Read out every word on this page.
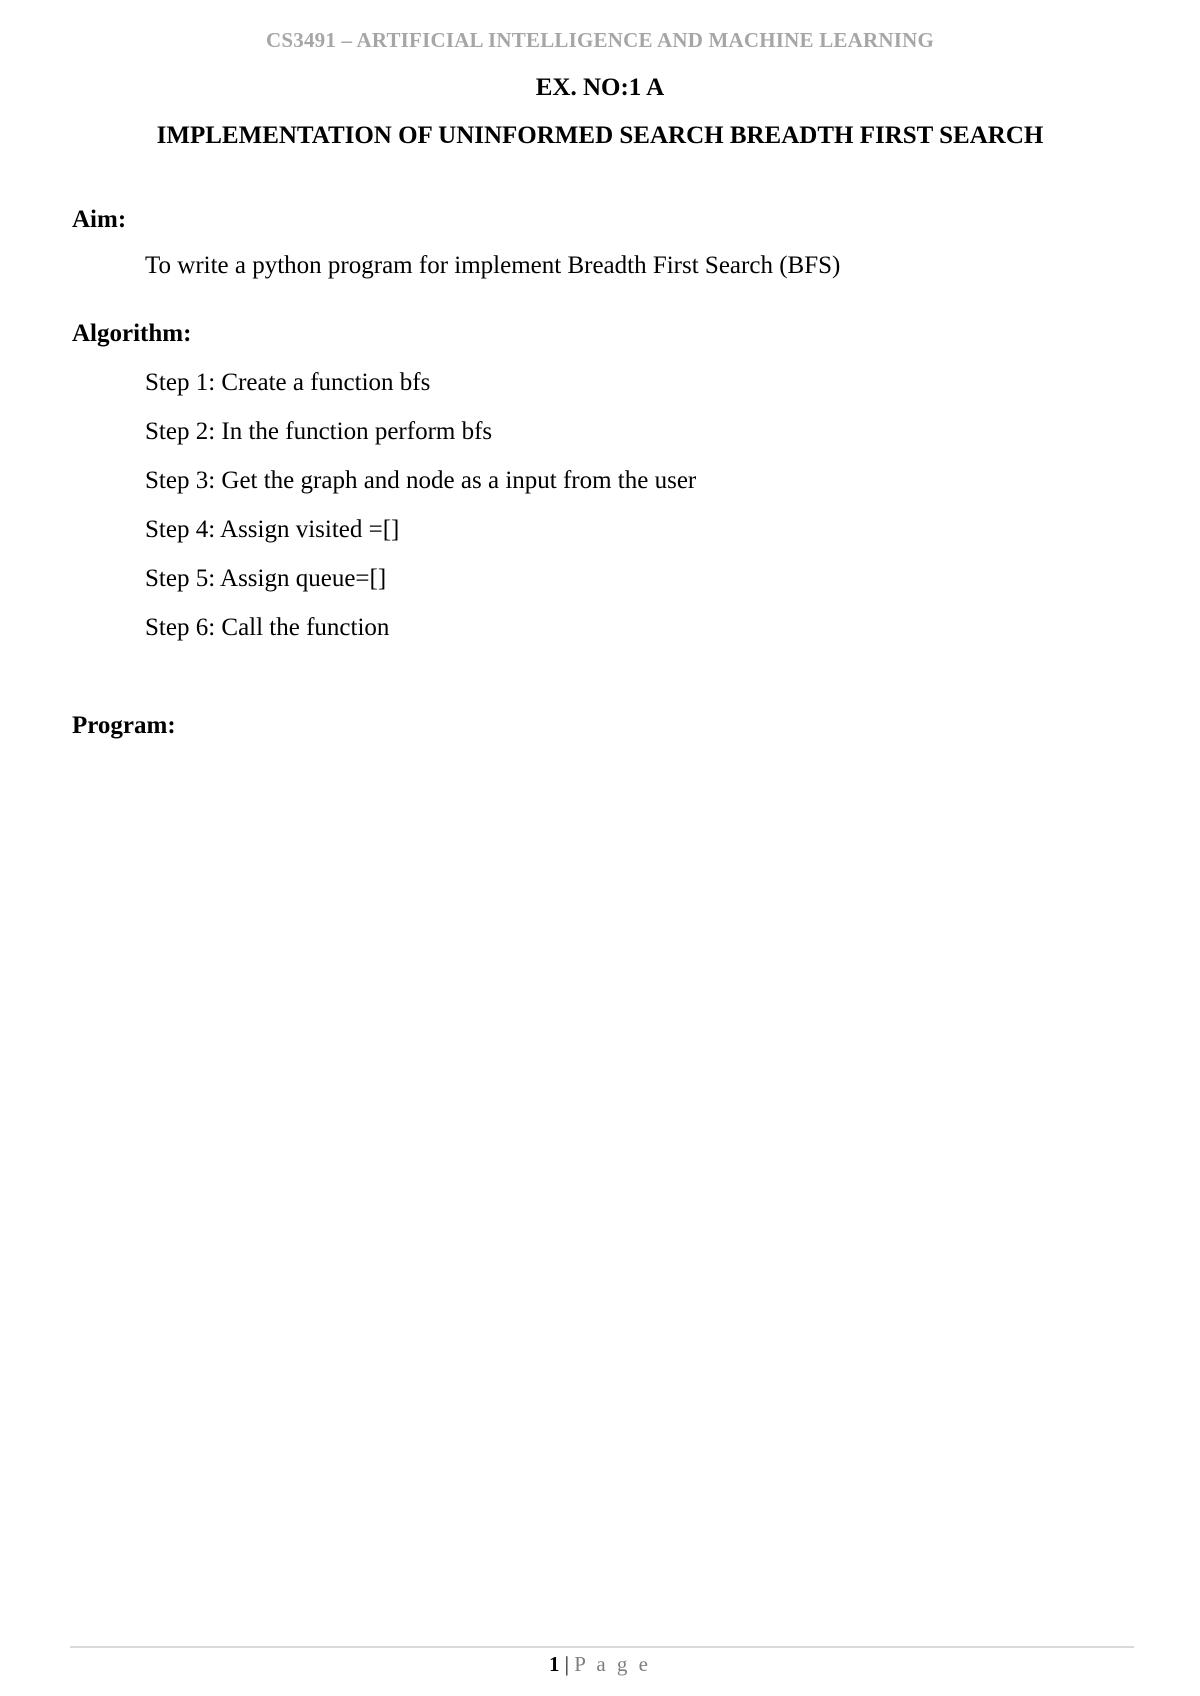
CS3491 – ARTIFICIAL INTELLIGENCE AND MACHINE LEARNING
EX. NO:1 A
IMPLEMENTATION OF UNINFORMED SEARCH BREADTH FIRST SEARCH
Aim:
To write a python program for implement Breadth First Search (BFS)
Algorithm:
Step 1: Create a function bfs
Step 2: In the function perform bfs
Step 3: Get the graph and node as a input from the user
Step 4: Assign visited =[]
Step 5: Assign queue=[]
Step 6: Call the function
Program:
1 | P a g e
